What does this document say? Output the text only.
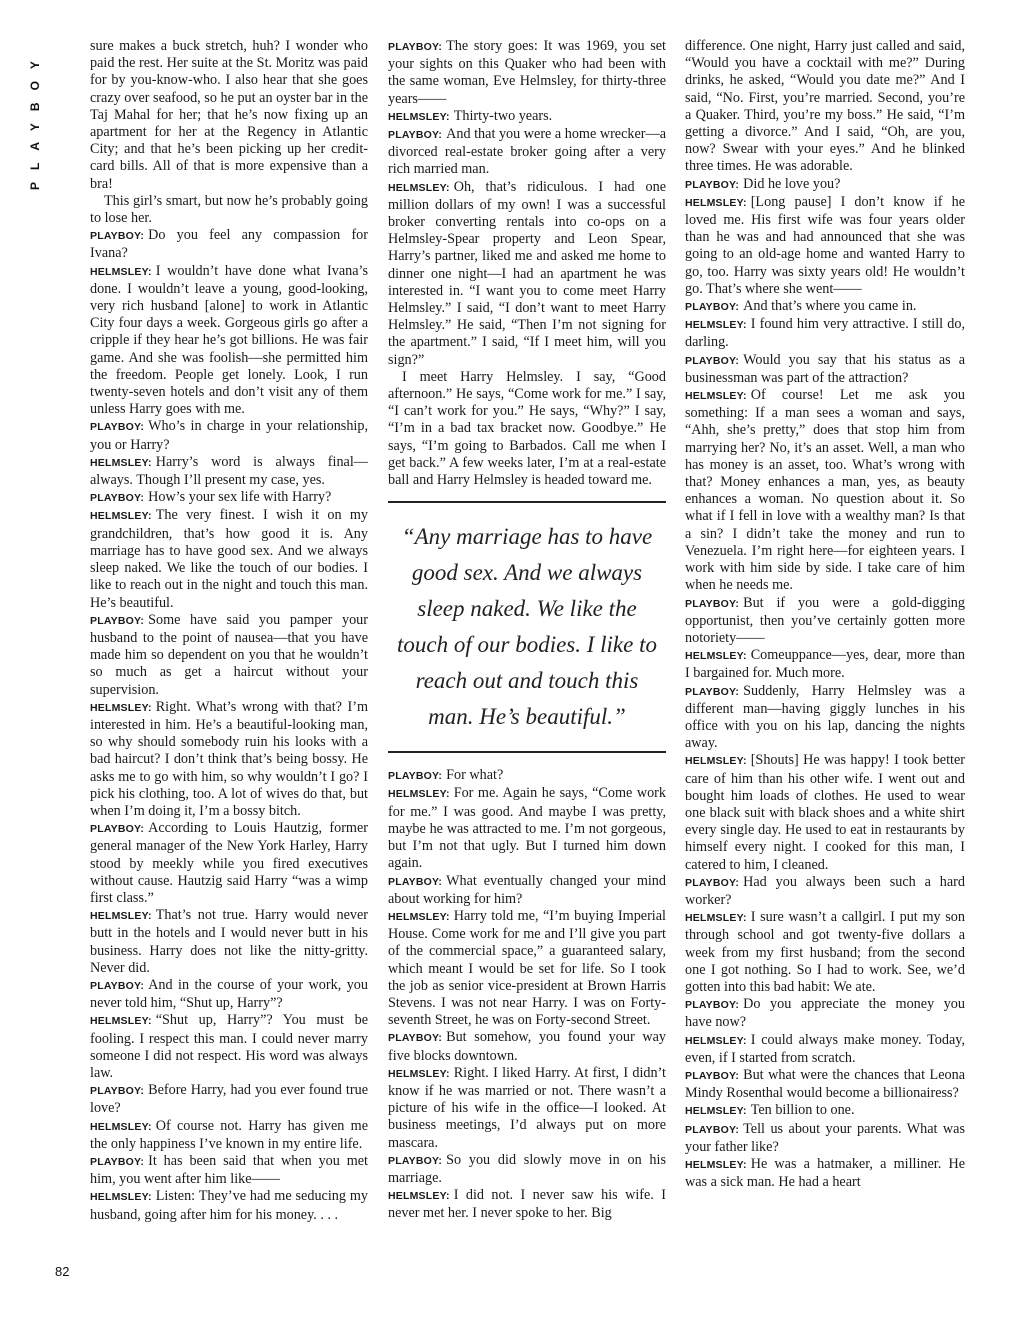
PLAYBOY

sure makes a buck stretch, huh? I wonder who paid the rest. Her suite at the St. Moritz was paid for by you-know-who. I also hear that she goes crazy over seafood, so he put an oyster bar in the Taj Mahal for her; that he’s now fixing up an apartment for her at the Regency in Atlantic City; and that he’s been picking up her credit-card bills. All of that is more expensive than a bra!

This girl’s smart, but now he’s probably going to lose her.

PLAYBOY: Do you feel any compassion for Ivana?

HELMSLEY: I wouldn’t have done what Ivana’s done. I wouldn’t leave a young, good-looking, very rich husband [alone] to work in Atlantic City four days a week. Gorgeous girls go after a cripple if they hear he’s got billions. He was fair game. And she was foolish—she permitted him the freedom. People get lonely. Look, I run twenty-seven hotels and don’t visit any of them unless Harry goes with me.

PLAYBOY: Who’s in charge in your relationship, you or Harry?

HELMSLEY: Harry’s word is always final—always. Though I’ll present my case, yes.

PLAYBOY: How’s your sex life with Harry?

HELMSLEY: The very finest. I wish it on my grandchildren, that’s how good it is. Any marriage has to have good sex. And we always sleep naked. We like the touch of our bodies. I like to reach out in the night and touch this man. He’s beautiful.

PLAYBOY: Some have said you pamper your husband to the point of nausea—that you have made him so dependent on you that he wouldn’t so much as get a haircut without your supervision.

HELMSLEY: Right. What’s wrong with that? I’m interested in him. He’s a beautiful-looking man, so why should somebody ruin his looks with a bad haircut? I don’t think that’s being bossy. He asks me to go with him, so why wouldn’t I go? I pick his clothing, too. A lot of wives do that, but when I’m doing it, I’m a bossy bitch.

PLAYBOY: According to Louis Hautzig, former general manager of the New York Harley, Harry stood by meekly while you fired executives without cause. Hautzig said Harry “was a wimp first class.”

HELMSLEY: That’s not true. Harry would never butt in the hotels and I would never butt in his business. Harry does not like the nitty-gritty. Never did.

PLAYBOY: And in the course of your work, you never told him, “Shut up, Harry”?

HELMSLEY: “Shut up, Harry”? You must be fooling. I respect this man. I could never marry someone I did not respect. His word was always law.

PLAYBOY: Before Harry, had you ever found true love?

HELMSLEY: Of course not. Harry has given me the only happiness I’ve known in my entire life.

PLAYBOY: It has been said that when you met him, you went after him like——

HELMSLEY: Listen: They’ve had me seducing my husband, going after him for his money. . . .

PLAYBOY: The story goes: It was 1969, you set your sights on this Quaker who had been with the same woman, Eve Helmsley, for thirty-three years——

HELMSLEY: Thirty-two years.

PLAYBOY: And that you were a home wrecker—a divorced real-estate broker going after a very rich married man.

HELMSLEY: Oh, that’s ridiculous. I had one million dollars of my own! I was a successful broker converting rentals into co-ops on a Helmsley-Spear property and Leon Spear, Harry’s partner, liked me and asked me home to dinner one night—I had an apartment he was interested in. “I want you to come meet Harry Helmsley.” I said, “I don’t want to meet Harry Helmsley.” He said, “Then I’m not signing for the apartment.” I said, “If I meet him, will you sign?”

I meet Harry Helmsley. I say, “Good afternoon.” He says, “Come work for me.” I say, “I can’t work for you.” He says, “Why?” I say, “I’m in a bad tax bracket now. Goodbye.” He says, “I’m going to Barbados. Call me when I get back.” A few weeks later, I’m at a real-estate ball and Harry Helmsley is headed toward me.

“Any marriage has to have good sex. And we always sleep naked. We like the touch of our bodies. I like to reach out and touch this man. He’s beautiful.”

PLAYBOY: For what?

HELMSLEY: For me. Again he says, “Come work for me.” I was good. And maybe I was pretty, maybe he was attracted to me. I’m not gorgeous, but I’m not that ugly. But I turned him down again.

PLAYBOY: What eventually changed your mind about working for him?

HELMSLEY: Harry told me, “I’m buying Imperial House. Come work for me and I’ll give you part of the commercial space,” a guaranteed salary, which meant I would be set for life. So I took the job as senior vice-president at Brown Harris Stevens. I was not near Harry. I was on Forty-seventh Street, he was on Forty-second Street.

PLAYBOY: But somehow, you found your way five blocks downtown.

HELMSLEY: Right. I liked Harry. At first, I didn’t know if he was married or not. There wasn’t a picture of his wife in the office—I looked. At business meetings, I’d always put on more mascara.

PLAYBOY: So you did slowly move in on his marriage.

HELMSLEY: I did not. I never saw his wife. I never met her. I never spoke to her. Big

difference. One night, Harry just called and said, “Would you have a cocktail with me?” During drinks, he asked, “Would you date me?” And I said, “No. First, you’re married. Second, you’re a Quaker. Third, you’re my boss.” He said, “I’m getting a divorce.” And I said, “Oh, are you, now? Swear with your eyes.” And he blinked three times. He was adorable.

PLAYBOY: Did he love you?

HELMSLEY: [Long pause] I don’t know if he loved me. His first wife was four years older than he was and had announced that she was going to an old-age home and wanted Harry to go, too. Harry was sixty years old! He wouldn’t go. That’s where she went——

PLAYBOY: And that’s where you came in.

HELMSLEY: I found him very attractive. I still do, darling.

PLAYBOY: Would you say that his status as a businessman was part of the attraction?

HELMSLEY: Of course! Let me ask you something: If a man sees a woman and says, “Ahh, she’s pretty,” does that stop him from marrying her? No, it’s an asset. Well, a man who has money is an asset, too. What’s wrong with that? Money enhances a man, yes, as beauty enhances a woman. No question about it. So what if I fell in love with a wealthy man? Is that a sin? I didn’t take the money and run to Venezuela. I’m right here—for eighteen years. I work with him side by side. I take care of him when he needs me.

PLAYBOY: But if you were a gold-digging opportunist, then you’ve certainly gotten more notoriety——

HELMSLEY: Comeuppance—yes, dear, more than I bargained for. Much more.

PLAYBOY: Suddenly, Harry Helmsley was a different man—having giggly lunches in his office with you on his lap, dancing the nights away.

HELMSLEY: [Shouts] He was happy! I took better care of him than his other wife. I went out and bought him loads of clothes. He used to wear one black suit with black shoes and a white shirt every single day. He used to eat in restaurants by himself every night. I cooked for this man, I catered to him, I cleaned.

PLAYBOY: Had you always been such a hard worker?

HELMSLEY: I sure wasn’t a callgirl. I put my son through school and got twenty-five dollars a week from my first husband; from the second one I got nothing. So I had to work. See, we’d gotten into this bad habit: We ate.

PLAYBOY: Do you appreciate the money you have now?

HELMSLEY: I could always make money. Today, even, if I started from scratch.

PLAYBOY: But what were the chances that Leona Mindy Rosenthal would become a billionairess?

HELMSLEY: Ten billion to one.

PLAYBOY: Tell us about your parents. What was your father like?

HELMSLEY: He was a hatmaker, a milliner. He was a sick man. He had a heart

82
